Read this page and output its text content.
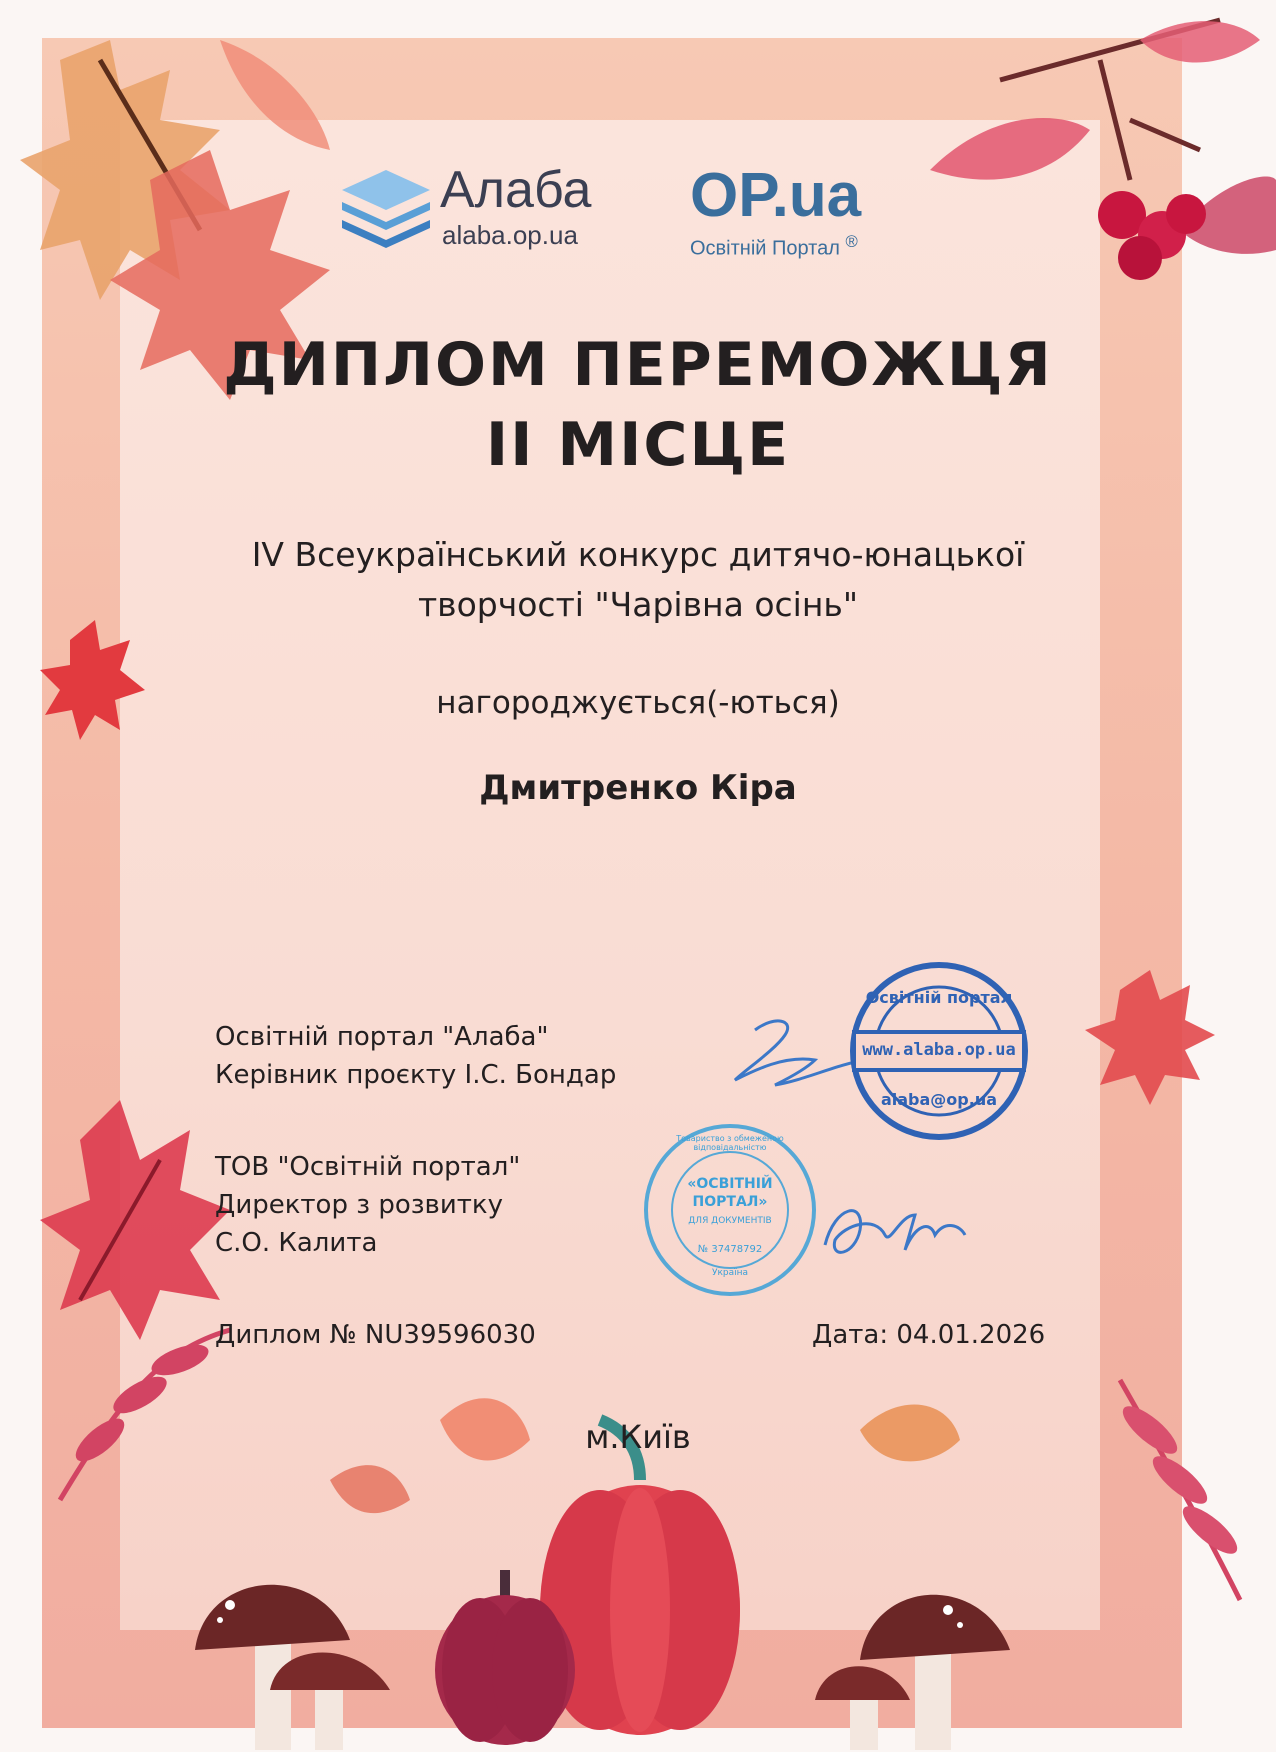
Алаба
alaba.op.ua
OP.ua
Освітній Портал ®
ДИПЛОМ ПЕРЕМОЖЦЯ
II МІСЦЕ
IV Всеукраїнський конкурс дитячо-юнацької
творчості "Чарівна осінь"
нагороджується(-ються)
Дмитренко Кіра
Освітній портал "Алаба"
Керівник проєкту І.С. Бондар
ТОВ "Освітній портал"
Директор з розвитку
С.О. Калита
Освітній портал
www.alaba.op.ua
alaba@op.ua
Товариство з обмеженою відповідальністю
«ОСВІТНІЙ
ПОРТАЛ»
ДЛЯ ДОКУМЕНТІВ
№ 37478792
Україна
Диплом № NU39596030	Дата: 04.01.2026
м.Київ
